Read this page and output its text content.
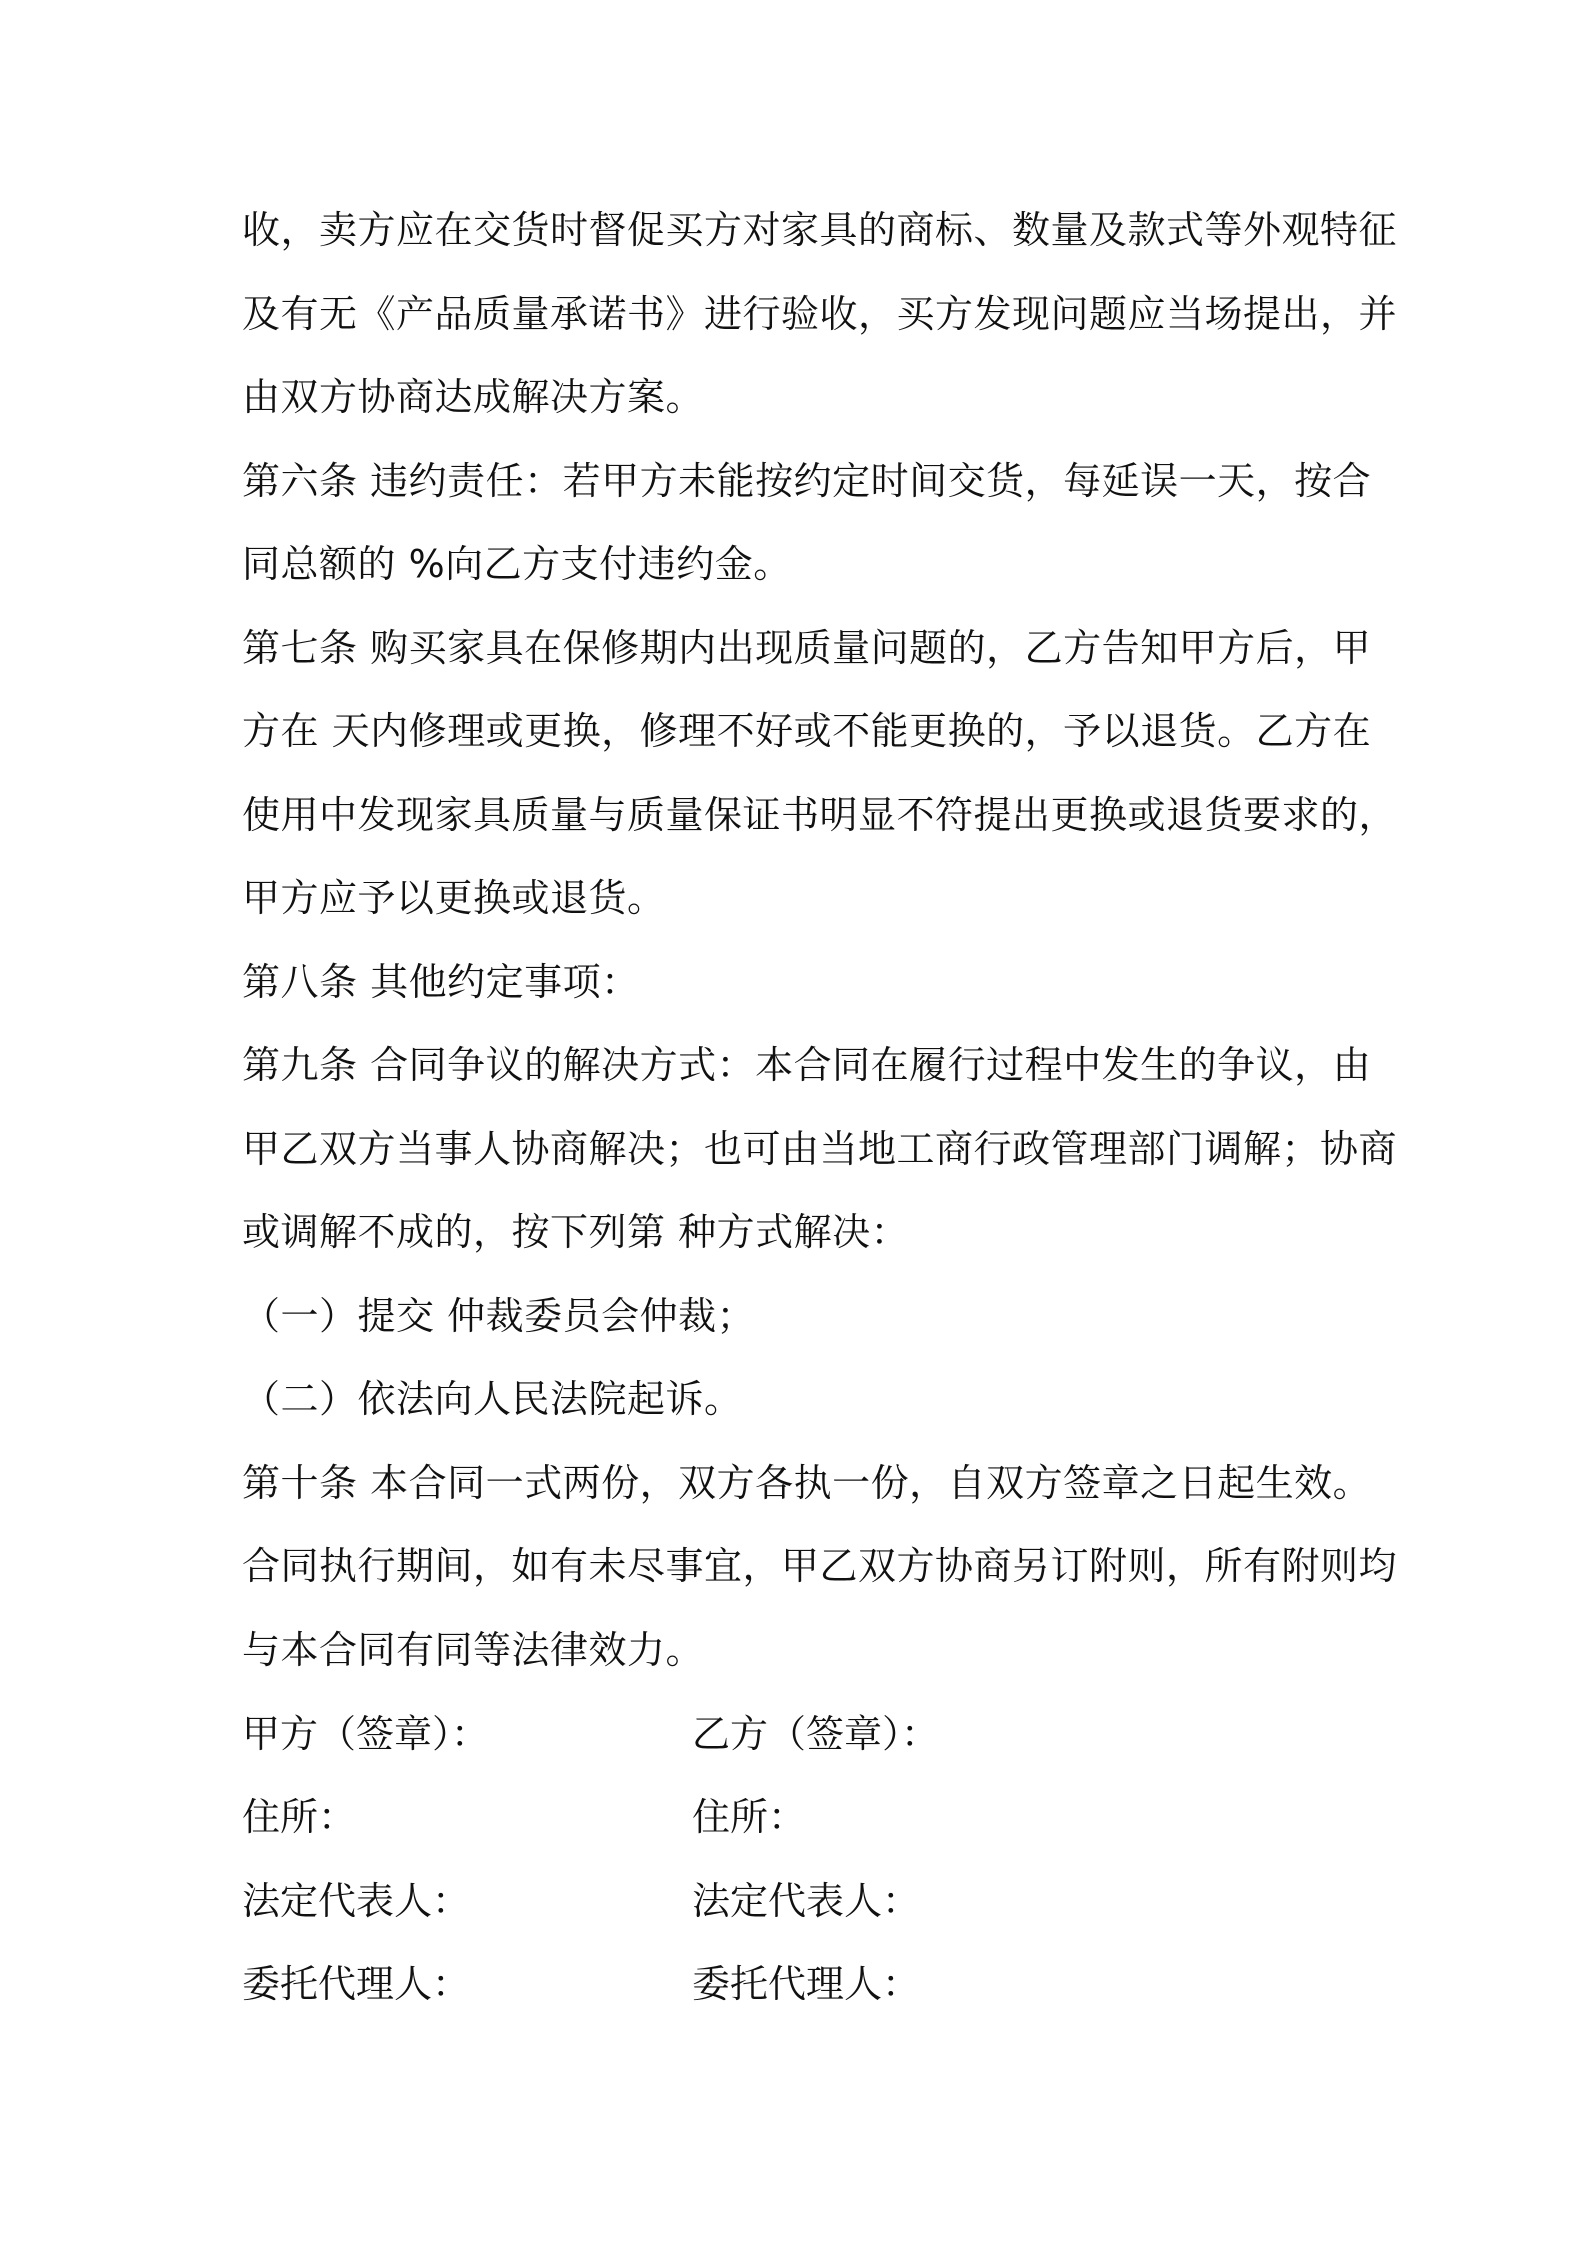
收，卖方应在交货时督促买方对家具的商标、数量及款式等外观特征
及有无《产品质量承诺书》进行验收，买方发现问题应当场提出，并
由双方协商达成解决方案。
第六条 违约责任：若甲方未能按约定时间交货，每延误一天，按合
同总额的 %向乙方支付违约金。
第七条 购买家具在保修期内出现质量问题的，乙方告知甲方后，甲
方在 天内修理或更换，修理不好或不能更换的，予以退货。乙方在
使用中发现家具质量与质量保证书明显不符提出更换或退货要求的，
甲方应予以更换或退货。
第八条 其他约定事项：
第九条 合同争议的解决方式：本合同在履行过程中发生的争议，由
甲乙双方当事人协商解决；也可由当地工商行政管理部门调解；协商
或调解不成的，按下列第 种方式解决：
（一）提交 仲裁委员会仲裁；
（二）依法向人民法院起诉。
第十条 本合同一式两份，双方各执一份，自双方签章之日起生效。
合同执行期间，如有未尽事宜，甲乙双方协商另订附则，所有附则均
与本合同有同等法律效力。
甲方（签章）：	乙方（签章）：
住所：	住所：
法定代表人：	法定代表人：
委托代理人：	委托代理人：
